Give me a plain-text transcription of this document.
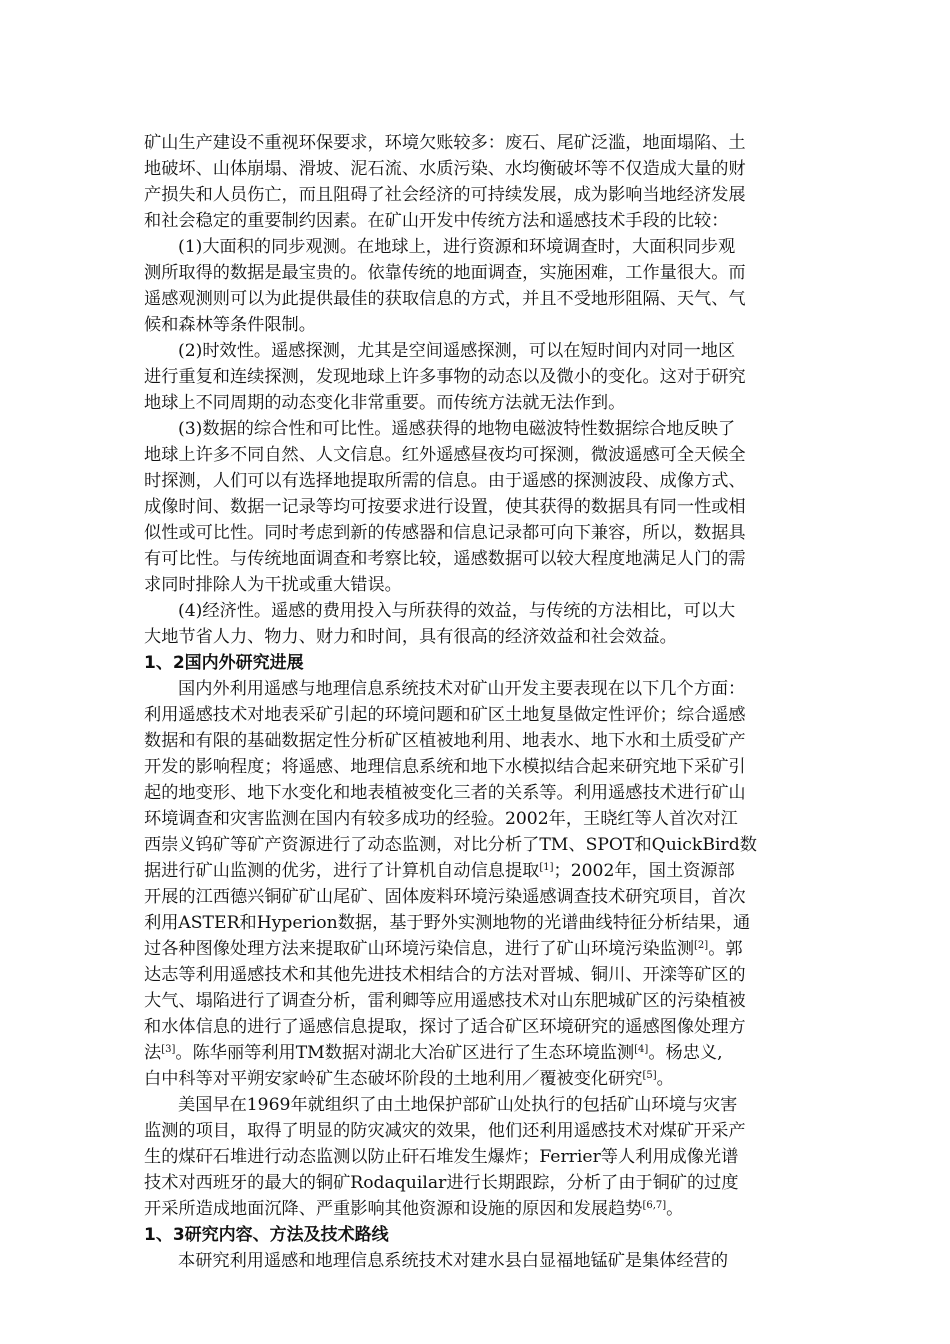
矿山生产建设不重视环保要求，环境欠账较多：废石、尾矿泛滥，地面塌陷、土
地破坏、山体崩塌、滑坡、泥石流、水质污染、水均衡破坏等不仅造成大量的财
产损失和人员伤亡，而且阻碍了社会经济的可持续发展，成为影响当地经济发展
和社会稳定的重要制约因素。在矿山开发中传统方法和遥感技术手段的比较：
(1)大面积的同步观测。在地球上，进行资源和环境调查时，大面积同步观
测所取得的数据是最宝贵的。依靠传统的地面调查，实施困难，工作量很大。而
遥感观测则可以为此提供最佳的获取信息的方式，并且不受地形阻隔、天气、气
候和森林等条件限制。
(2)时效性。遥感探测，尤其是空间遥感探测，可以在短时间内对同一地区
进行重复和连续探测，发现地球上许多事物的动态以及微小的变化。这对于研究
地球上不同周期的动态变化非常重要。而传统方法就无法作到。
(3)数据的综合性和可比性。遥感获得的地物电磁波特性数据综合地反映了
地球上许多不同自然、人文信息。红外遥感昼夜均可探测，微波遥感可全天候全
时探测，人们可以有选择地提取所需的信息。由于遥感的探测波段、成像方式、
成像时间、数据一记录等均可按要求进行设置，使其获得的数据具有同一性或相
似性或可比性。同时考虑到新的传感器和信息记录都可向下兼容，所以，数据具
有可比性。与传统地面调查和考察比较，遥感数据可以较大程度地满足人门的需
求同时排除人为干扰或重大错误。
(4)经济性。遥感的费用投入与所获得的效益，与传统的方法相比，可以大
大地节省人力、物力、财力和时间，具有很高的经济效益和社会效益。
1、2国内外研究进展
国内外利用遥感与地理信息系统技术对矿山开发主要表现在以下几个方面：
利用遥感技术对地表采矿引起的环境问题和矿区土地复垦做定性评价；综合遥感
数据和有限的基础数据定性分析矿区植被地利用、地表水、地下水和土质受矿产
开发的影响程度；将遥感、地理信息系统和地下水模拟结合起来研究地下采矿引
起的地变形、地下水变化和地表植被变化三者的关系等。利用遥感技术进行矿山
环境调查和灾害监测在国内有较多成功的经验。2002年，王晓红等人首次对江
西崇义钨矿等矿产资源进行了动态监测，对比分析了TM、SPOT和QuickBird数
据进行矿山监测的优劣，进行了计算机自动信息提取[1]；2002年，国土资源部
开展的江西德兴铜矿矿山尾矿、固体废料环境污染遥感调查技术研究项目，首次
利用ASTER和Hyperion数据，基于野外实测地物的光谱曲线特征分析结果，通
过各种图像处理方法来提取矿山环境污染信息，进行了矿山环境污染监测[2]。郭
达志等利用遥感技术和其他先进技术相结合的方法对晋城、铜川、开滦等矿区的
大气、塌陷进行了调查分析，雷利卿等应用遥感技术对山东肥城矿区的污染植被
和水体信息的进行了遥感信息提取，探讨了适合矿区环境研究的遥感图像处理方
法[3]。陈华丽等利用TM数据对湖北大冶矿区进行了生态环境监测[4]。杨忠义,
白中科等对平朔安家岭矿生态破坏阶段的土地利用／覆被变化研究[5]。
美国早在1969年就组织了由土地保护部矿山处执行的包括矿山环境与灾害
监测的项目，取得了明显的防灾减灾的效果，他们还利用遥感技术对煤矿开采产
生的煤矸石堆进行动态监测以防止矸石堆发生爆炸；Ferrier等人利用成像光谱
技术对西班牙的最大的铜矿Rodaquilar进行长期跟踪，分析了由于铜矿的过度
开采所造成地面沉降、严重影响其他资源和设施的原因和发展趋势[6,7]。
1、3研究内容、方法及技术路线
本研究利用遥感和地理信息系统技术对建水县白显福地锰矿是集体经营的
